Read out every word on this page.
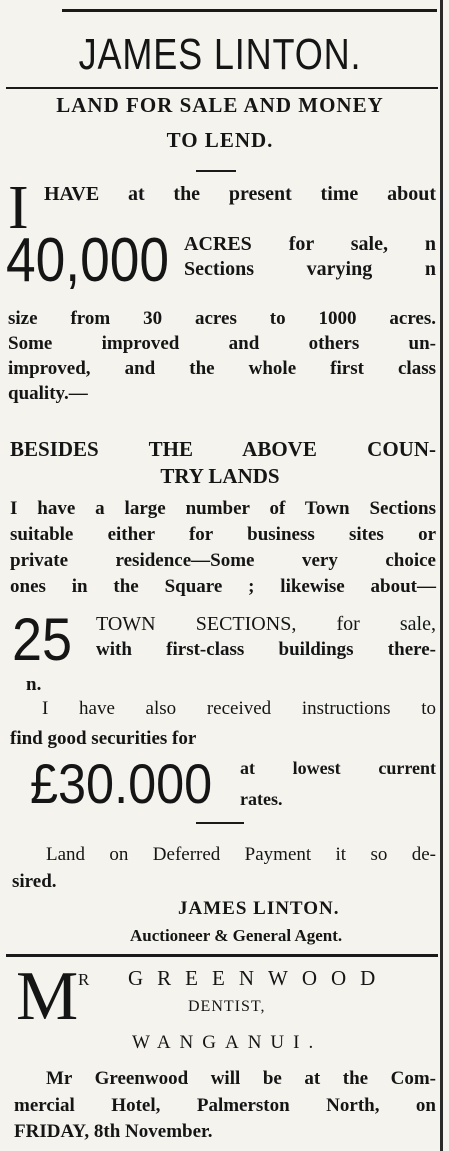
JAMES LINTON.
LAND FOR SALE AND MONEY
TO LEND.
I HAVE at the present time about
40,000 ACRES for sale, n
Sections varying n
size from 30 acres to 1000 acres.
Some improved and others un-
improved, and the whole first class
quality.—
BESIDES THE ABOVE COUN-
TRY LANDS
I have a large number of Town Sections
suitable either for business sites or
private residence—Some very choice
ones in the Square ; likewise about—
25 TOWN SECTIONS, for sale,
with first-class buildings there-
n.
I have also received instructions to
find good securities for
£30.000 at lowest current
rates.
Land on Deferred Payment it so de-
sired.
JAMES LINTON.
Auctioneer & General Agent.
M R GREENWOOD
DENTIST,
WANGANUI.
Mr Greenwood will be at the Com-
mercial Hotel, Palmerston North, on
FRIDAY, 8th November.
